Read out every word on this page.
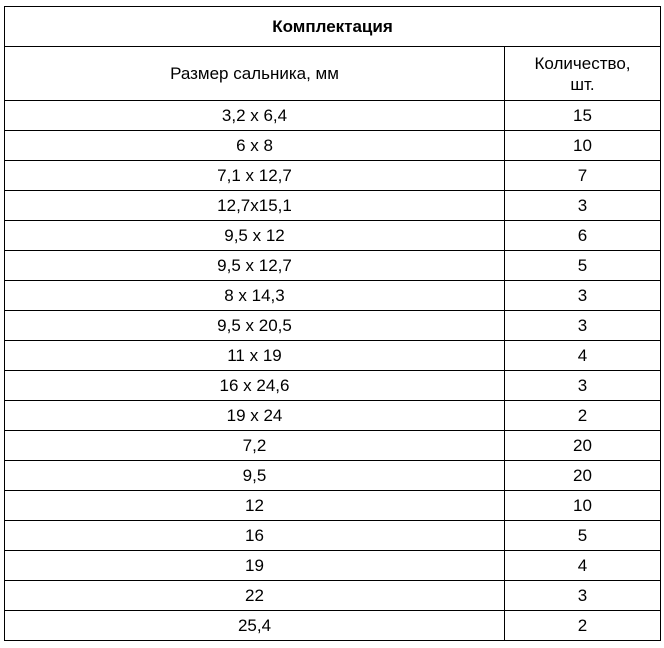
Комплектация	
Размер сальника, мм	Количество,
шт.
3,2 х 6,4	15
6 х 8	10
7,1 х 12,7	7
12,7х15,1	3
9,5 х 12	6
9,5 х 12,7	5
8 х 14,3	3
9,5 х 20,5	3
11 х 19	4
16 х 24,6	3
19 х 24	2
7,2	20
9,5	20
12	10
16	5
19	4
22	3
25,4	2
